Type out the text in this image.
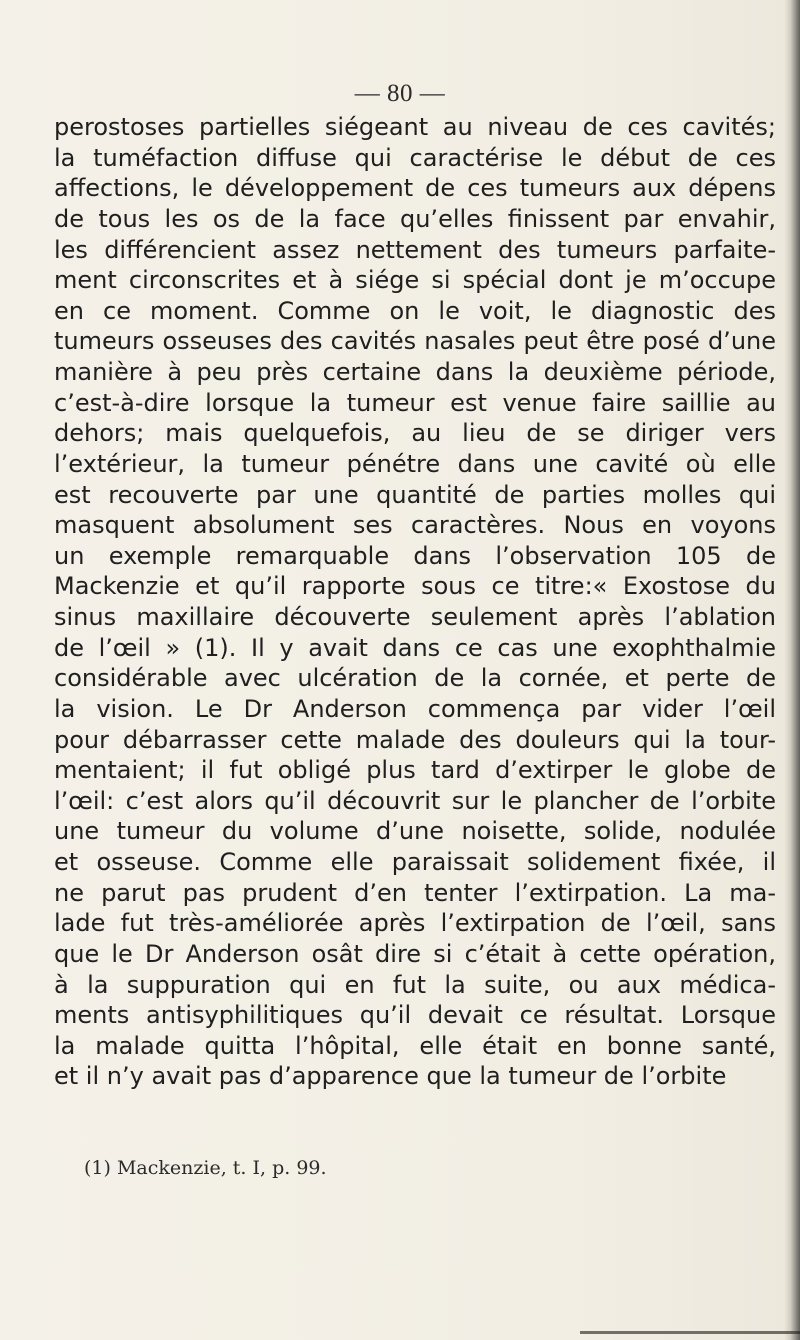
— 80 —
perostoses partielles siégeant au niveau de ces cavités;
la tuméfaction diffuse qui caractérise le début de ces
affections, le développement de ces tumeurs aux dépens
de tous les os de la face qu’elles finissent par envahir,
les différencient assez nettement des tumeurs parfaite-
ment circonscrites et à siége si spécial dont je m’occupe
en ce moment. Comme on le voit, le diagnostic des
tumeurs osseuses des cavités nasales peut être posé d’une
manière à peu près certaine dans la deuxième période,
c’est-à-dire lorsque la tumeur est venue faire saillie au
dehors; mais quelquefois, au lieu de se diriger vers
l’extérieur, la tumeur pénétre dans une cavité où elle
est recouverte par une quantité de parties molles qui
masquent absolument ses caractères. Nous en voyons
un exemple remarquable dans l’observation 105 de
Mackenzie et qu’il rapporte sous ce titre:« Exostose du
sinus maxillaire découverte seulement après l’ablation
de l’œil » (1). Il y avait dans ce cas une exophthalmie
considérable avec ulcération de la cornée, et perte de
la vision. Le Dr Anderson commença par vider l’œil
pour débarrasser cette malade des douleurs qui la tour-
mentaient; il fut obligé plus tard d’extirper le globe de
l’œil: c’est alors qu’il découvrit sur le plancher de l’orbite
une tumeur du volume d’une noisette, solide, nodulée
et osseuse. Comme elle paraissait solidement fixée, il
ne parut pas prudent d’en tenter l’extirpation. La ma-
lade fut très-améliorée après l’extirpation de l’œil, sans
que le Dr Anderson osât dire si c’était à cette opération,
à la suppuration qui en fut la suite, ou aux médica-
ments antisyphilitiques qu’il devait ce résultat. Lorsque
la malade quitta l’hôpital, elle était en bonne santé,
et il n’y avait pas d’apparence que la tumeur de l’orbite
(1) Mackenzie, t. I, p. 99.
